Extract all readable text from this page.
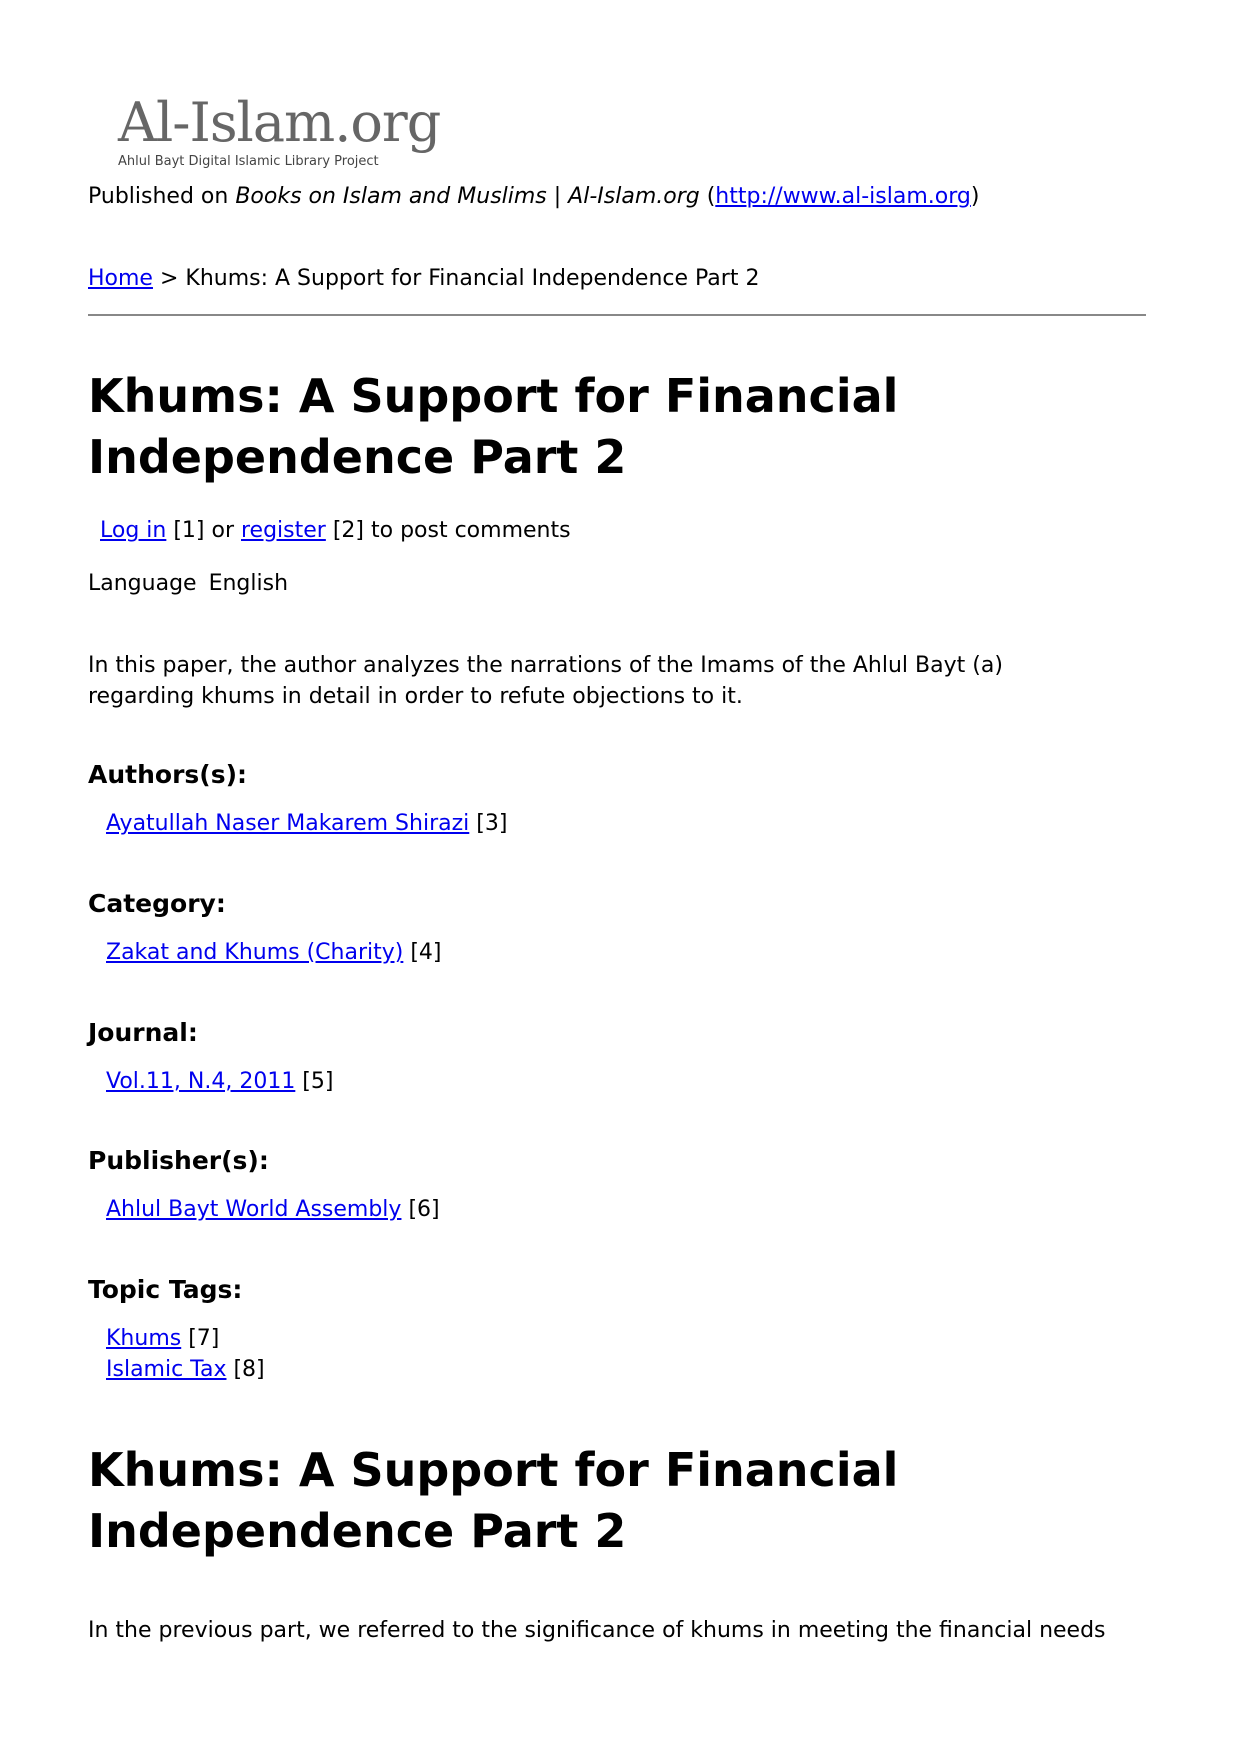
Al-Islam.org
Ahlul Bayt Digital Islamic Library Project
Published on Books on Islam and Muslims | Al-Islam.org (http://www.al-islam.org)
Home > Khums: A Support for Financial Independence Part 2
Khums: A Support for Financial Independence Part 2
Log in [1] or register [2] to post comments
Language English
In this paper, the author analyzes the narrations of the Imams of the Ahlul Bayt (a) regarding khums in detail in order to refute objections to it.
Authors(s):
Ayatullah Naser Makarem Shirazi [3]
Category:
Zakat and Khums (Charity) [4]
Journal:
Vol.11, N.4, 2011 [5]
Publisher(s):
Ahlul Bayt World Assembly [6]
Topic Tags:
Khums [7]
Islamic Tax [8]
Khums: A Support for Financial Independence Part 2
In the previous part, we referred to the significance of khums in meeting the financial needs
